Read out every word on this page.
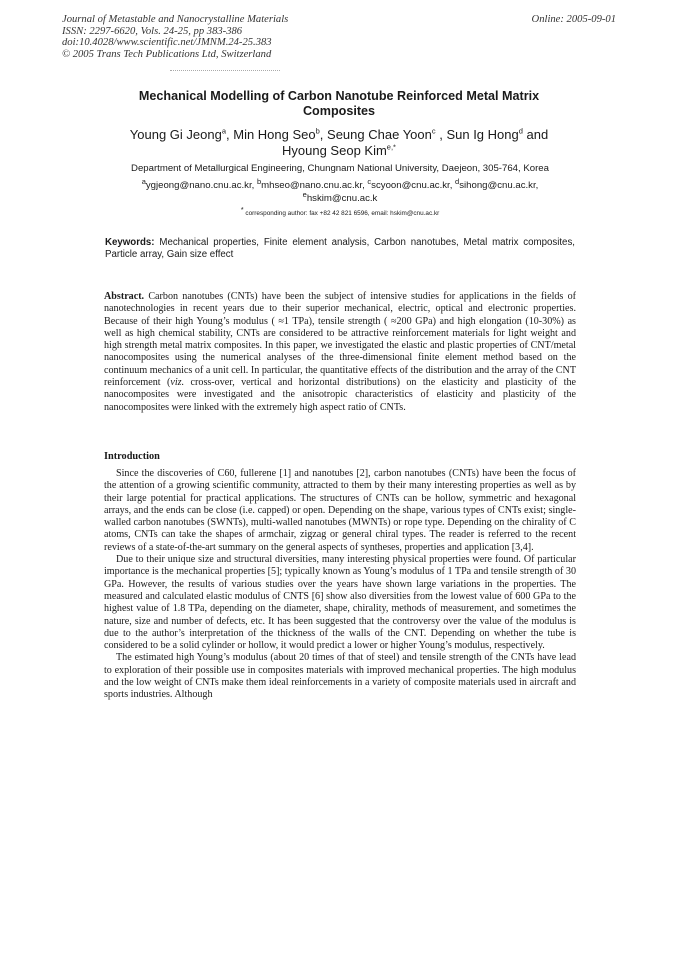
Journal of Metastable and Nanocrystalline Materials
ISSN: 2297-6620, Vols. 24-25, pp 383-386
doi:10.4028/www.scientific.net/JMNM.24-25.383
© 2005 Trans Tech Publications Ltd, Switzerland
Online: 2005-09-01
Mechanical Modelling of Carbon Nanotube Reinforced Metal Matrix Composites
Young Gi Jeong$^a$, Min Hong Seo$^b$, Seung Chae Yoon$^c$ , Sun Ig Hong$^d$ and
Hyoung Seop Kim$^{e,*}$
Department of Metallurgical Engineering, Chungnam National University, Daejeon, 305-764, Korea
$^a$ygjeong@nano.cnu.ac.kr, $^b$mhseo@nano.cnu.ac.kr, $^c$scyoon@cnu.ac.kr, $^d$sihong@cnu.ac.kr,
$^e$hskim@cnu.ac.k
* corresponding author: fax +82 42 821 6596, email: hskim@cnu.ac.kr
Keywords: Mechanical properties, Finite element analysis, Carbon nanotubes, Metal matrix composites, Particle array, Gain size effect
Abstract. Carbon nanotubes (CNTs) have been the subject of intensive studies for applications in the fields of nanotechnologies in recent years due to their superior mechanical, electric, optical and electronic properties. Because of their high Young’s modulus ( ≈1 TPa), tensile strength ( ≈200 GPa) and high elongation (10-30%) as well as high chemical stability, CNTs are considered to be attractive reinforcement materials for light weight and high strength metal matrix composites. In this paper, we investigated the elastic and plastic properties of CNT/metal nanocomposites using the numerical analyses of the three-dimensional finite element method based on the continuum mechanics of a unit cell. In particular, the quantitative effects of the distribution and the array of the CNT reinforcement (viz. cross-over, vertical and horizontal distributions) on the elasticity and plasticity of the nanocomposites were investigated and the anisotropic characteristics of elasticity and plasticity of the nanocomposites were linked with the extremely high aspect ratio of CNTs.
Introduction

Since the discoveries of C60, fullerene [1] and nanotubes [2], carbon nanotubes (CNTs) have been the focus of the attention of a growing scientific community, attracted to them by their many interesting properties as well as by their large potential for practical applications. The structures of CNTs can be hollow, symmetric and hexagonal arrays, and the ends can be close (i.e. capped) or open. Depending on the shape, various types of CNTs exist; single-walled carbon nanotubes (SWNTs), multi-walled nanotubes (MWNTs) or rope type. Depending on the chirality of C atoms, CNTs can take the shapes of armchair, zigzag or general chiral types. The reader is referred to the recent reviews of a state-of-the-art summary on the general aspects of syntheses, properties and application [3,4].

Due to their unique size and structural diversities, many interesting physical properties were found. Of particular importance is the mechanical properties [5]; typically known as Young’s modulus of 1 TPa and tensile strength of 30 GPa. However, the results of various studies over the years have shown large variations in the properties. The measured and calculated elastic modulus of CNTS [6] show also diversities from the lowest value of 600 GPa to the highest value of 1.8 TPa, depending on the diameter, shape, chirality, methods of measurement, and sometimes the nature, size and number of defects, etc. It has been suggested that the controversy over the value of the modulus is due to the author’s interpretation of the thickness of the walls of the CNT. Depending on whether the tube is considered to be a solid cylinder or hollow, it would predict a lower or higher Young’s modulus, respectively.

The estimated high Young’s modulus (about 20 times of that of steel) and tensile strength of the CNTs have lead to exploration of their possible use in composites materials with improved mechanical properties. The high modulus and the low weight of CNTs make them ideal reinforcements in a variety of composite materials used in aircraft and sports industries. Although
